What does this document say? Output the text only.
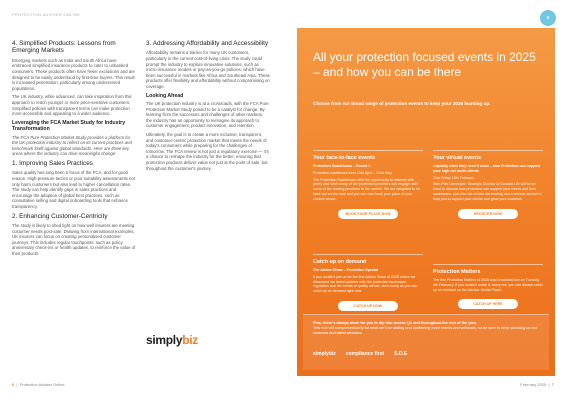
PROTECTION ADVISER ONLINE
4. Simplified Products: Lessons from Emerging Markets

Emerging markets such as India and South Africa have embraced simplified insurance products to cater to unbanked consumers. These products often have fewer exclusions and are designed to be easily understood by first-time buyers. This result is increased penetration, particularly among underserved populations.

The UK industry, while advanced, can take inspiration from this approach to reach younger or more price-sensitive customers. Simplified policies with transparent terms can make protection more accessible and appealing to a wider audience.

Leveraging the FCA Market Study for Industry Transformation

The FCA Pure Protection Market Study provides a platform for the UK protection industry to reflect on its current practices and benchmark itself against global standards. Here are three key areas where the industry can drive meaningful change:

1. Improving Sales Practices

Sales quality has long been a focus of the FCA, and for good reason. High-pressure tactics or poor suitability assessments not only harm customers but also lead to higher cancellation rates. The study can help identify gaps in sales practices and encourage the adoption of global best practices, such as consultative selling and digital onboarding tools that enhance transparency.

2. Enhancing Customer-Centricity

The study is likely to shed light on how well insurers are meeting customer needs post-sale. Drawing from international examples, UK insurers can focus on creating personalised customer journeys. This includes regular touchpoints, such as policy anniversary check-ins or health updates, to reinforce the value of their products.

3. Addressing Affordability and Accessibility

Affordability remains a barrier for many UK customers, particularly in the current cost-of-living crisis. The study could prompt the industry to explore innovative solutions, such as micro-insurance models or pay-as-you-go policies, which have been successful in markets like Africa and Southeast Asia. These products offer flexibility and affordability without compromising on coverage.

Looking Ahead

The UK protection industry is at a crossroads, with the FCA Pure Protection Market Study poised to be a catalyst for change. By learning from the successes and challenges of other markets, the industry has an opportunity to reimagine its approach to customer engagement, product innovation, and retention.

Ultimately, the goal is to create a more inclusive, transparent, and customer-centric protection market that meets the needs of today's consumers while preparing for the challenges of tomorrow. The FCA review is not just a regulatory exercise — it's a chance to reshape the industry for the better, ensuring that protection products deliver value not just at the point of sale, but throughout the customer's journey.

simplybiz
6  |  Protection Adviser Online
×
All your protection focused events in 2025 – and how you can be there
Choose from our broad range of protection events to keep your 2025 learning up.
Your face-to-face events

Protection Roadshows – Round 1

Protection roadshows from 23rd April – 22nd May

The Protection Roadshows offer the opportunity to network with peers and meet many of the protection providers and engage with some of the leading providers in the market. We are delighted to be back out on the road and you can now book your place at your chosen venue.

BOOK YOUR PLACE NOW
Your virtual events

Liquidity when they need it most – how Protection can support your high net worth clients

21st Friday 16th February

Sam Pike Developer, Strategic Director at Canada Life will be on hand to discuss how protection can support your clients and their businesses, plus the role of later life lending and a referral service to help you to support your clients and grow your business.

REGISTER NOW
Catch up on demand

The Advice Show – Protection Special

If you couldn't join us for the first Advice Show of 2025 where we discussed the latest updates with the protection landscape, regulation and the trends of quality advice, don't worry as you can catch up on demand right now.

CATCH UP NOW
Protection Matters

The first Protection Matters of 2025 was broadcast live on Tuesday 4th February. If you couldn't make it, worry not, you can always catch up on demand on the Adviser Media Player.

CATCH UP HERE
Plus, there's always more for you to dip into across Q1 and throughout the rest of the year.
This hub will comprehensively list what we'll be adding and confirming more events and webinars, so be sure to keep checking on our channels and latest websites.
simplybiz compliance first S.D.E
February 2025  |  7
